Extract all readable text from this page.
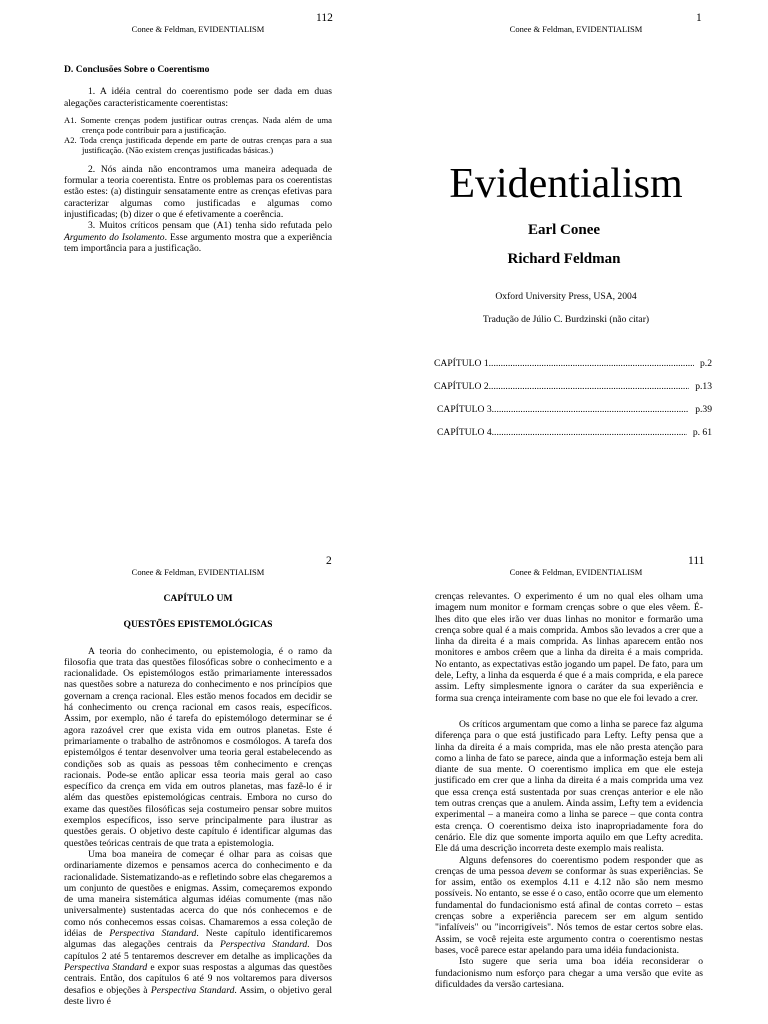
112
Conee & Feldman, EVIDENTIALISM

D. Conclusões Sobre o Coerentismo

1. A idéia central do coerentismo pode ser dada em duas alegações caracteristicamente coerentistas:

A1. Somente crenças podem justificar outras crenças. Nada além de uma crença pode contribuir para a justificação.

A2. Toda crença justificada depende em parte de outras crenças para a sua justificação. (Não existem crenças justificadas básicas.)

2. Nós ainda não encontramos uma maneira adequada de formular a teoria coerentista. Entre os problemas para os coerentistas estão estes: (a) distinguir sensatamente entre as crenças efetivas para caracterizar algumas como justificadas e algumas como injustificadas; (b) dizer o que é efetivamente a coerência.

3. Muitos críticos pensam que (A1) tenha sido refutada pelo Argumento do Isolamento. Esse argumento mostra que a experiência tem importância para a justificação.

1
Conee & Feldman, EVIDENTIALISM
Evidentialism
Earl Conee
Richard Feldman
Oxford University Press, USA, 2004
Tradução de Júlio C. Burdzinski (não citar)
CAPÍTULO 1 .....	p.2
CAPÍTULO 2 .....	p.13
CAPÍTULO 3 .....	p.39
CAPÍTULO 4 .....	p. 61
2
Conee & Feldman, EVIDENTIALISM

CAPÍTULO UM

QUESTÕES EPISTEMOLÓGICAS

A teoria do conhecimento, ou epistemologia, é o ramo da filosofia que trata das questões filosóficas sobre o conhecimento e a racionalidade. Os epistemólogos estão primariamente interessados nas questões sobre a natureza do conhecimento e nos princípios que governam a crença racional. Eles estão menos focados em decidir se há conhecimento ou crença racional em casos reais, específicos. Assim, por exemplo, não é tarefa do epistemólogo determinar se é agora razoável crer que exista vida em outros planetas. Este é primariamente o trabalho de astrônomos e cosmólogos. A tarefa dos epistemólgos é tentar desenvolver uma teoria geral estabelecendo as condições sob as quais as pessoas têm conhecimento e crenças racionais. Pode-se então aplicar essa teoria mais geral ao caso específico da crença em vida em outros planetas, mas fazê-lo é ir além das questões epistemológicas centrais. Embora no curso do exame das questões filosóficas seja costumeiro pensar sobre muitos exemplos específicos, isso serve principalmente para ilustrar as questões gerais. O objetivo deste capítulo é identificar algumas das questões teóricas centrais de que trata a epistemologia.

Uma boa maneira de começar é olhar para as coisas que ordinariamente dizemos e pensamos acerca do conhecimento e da racionalidade. Sistematizando-as e refletindo sobre elas chegaremos a um conjunto de questões e enigmas. Assim, começaremos expondo de uma maneira sistemática algumas idéias comumente (mas não universalmente) sustentadas acerca do que nós conhecemos e de como nós conhecemos essas coisas. Chamaremos a essa coleção de idéias de Perspectiva Standard. Neste capítulo identificaremos algumas das alegações centrais da Perspectiva Standard. Dos capítulos 2 até 5 tentaremos descrever em detalhe as implicações da Perspectiva Standard e expor suas respostas a algumas das questões centrais. Então, dos capítulos 6 até 9 nos voltaremos para diversos desafios e objeções à Perspectiva Standard. Assim, o objetivo geral deste livro é

111
Conee & Feldman, EVIDENTIALISM

crenças relevantes. O experimento é um no qual eles olham uma imagem num monitor e formam crenças sobre o que eles vêem. É-lhes dito que eles irão ver duas linhas no monitor e formarão uma crença sobre qual é a mais comprida. Ambos são levados a crer que a linha da direita é a mais comprida. As linhas aparecem então nos monitores e ambos crêem que a linha da direita é a mais comprida. No entanto, as expectativas estão jogando um papel. De fato, para um dele, Lefty, a linha da esquerda é que é a mais comprida, e ela parece assim. Lefty simplesmente ignora o caráter da sua experiência e forma sua crença inteiramente com base no que ele foi levado a crer.

Os críticos argumentam que como a linha se parece faz alguma diferença para o que está justificado para Lefty. Lefty pensa que a linha da direita é a mais comprida, mas ele não presta atenção para como a linha de fato se parece, ainda que a informação esteja bem ali diante de sua mente. O coerentismo implica em que ele esteja justificado em crer que a linha da direita é a mais comprida uma vez que essa crença está sustentada por suas crenças anterior e ele não tem outras crenças que a anulem. Ainda assim, Lefty tem a evidencia experimental – a maneira como a linha se parece – que conta contra esta crença. O coerentismo deixa isto inapropriadamente fora do cenário. Ele diz que somente importa aquilo em que Lefty acredita. Ele dá uma descrição incorreta deste exemplo mais realista.

Alguns defensores do coerentismo podem responder que as crenças de uma pessoa devem se conformar às suas experiências. Se for assim, então os exemplos 4.11 e 4.12 não são nem mesmo possíveis. No entanto, se esse é o caso, então ocorre que um elemento fundamental do fundacionismo está afinal de contas correto – estas crenças sobre a experiência parecem ser em algum sentido "infalíveis" ou "incorrigíveis". Nós temos de estar certos sobre elas. Assim, se você rejeita este argumento contra o coerentismo nestas bases, você parece estar apelando para uma idéia fundacionista.

Isto sugere que seria uma boa idéia reconsiderar o fundacionismo num esforço para chegar a uma versão que evite as dificuldades da versão cartesiana.
